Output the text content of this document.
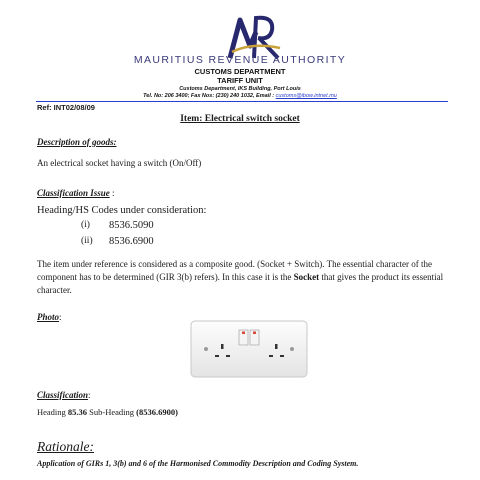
MAURITIUS REVENUE AUTHORITY
CUSTOMS DEPARTMENT
TARIFF UNIT
Customs Department, IKS Building, Port Louis
Tel. No: 206 3400; Fax Nos: (230) 240 1032, Email : customs@ibow.intnet.mu
Ref: INT02/08/09
Item: Electrical switch socket
Description of goods:
An electrical socket having a switch (On/Off)
Classification Issue :
Heading/HS Codes under consideration:
(i) 8536.5090
(ii) 8536.6900
The item under reference is considered as a composite good. (Socket + Switch). The essential character of the component has to be determined (GIR 3(b) refers). In this case it is the Socket that gives the product its essential character.
Photo:
Classification:
Heading 85.36 Sub-Heading (8536.6900)
Rationale:
Application of GIRs 1, 3(b) and 6 of the Harmonised Commodity Description and Coding System.
